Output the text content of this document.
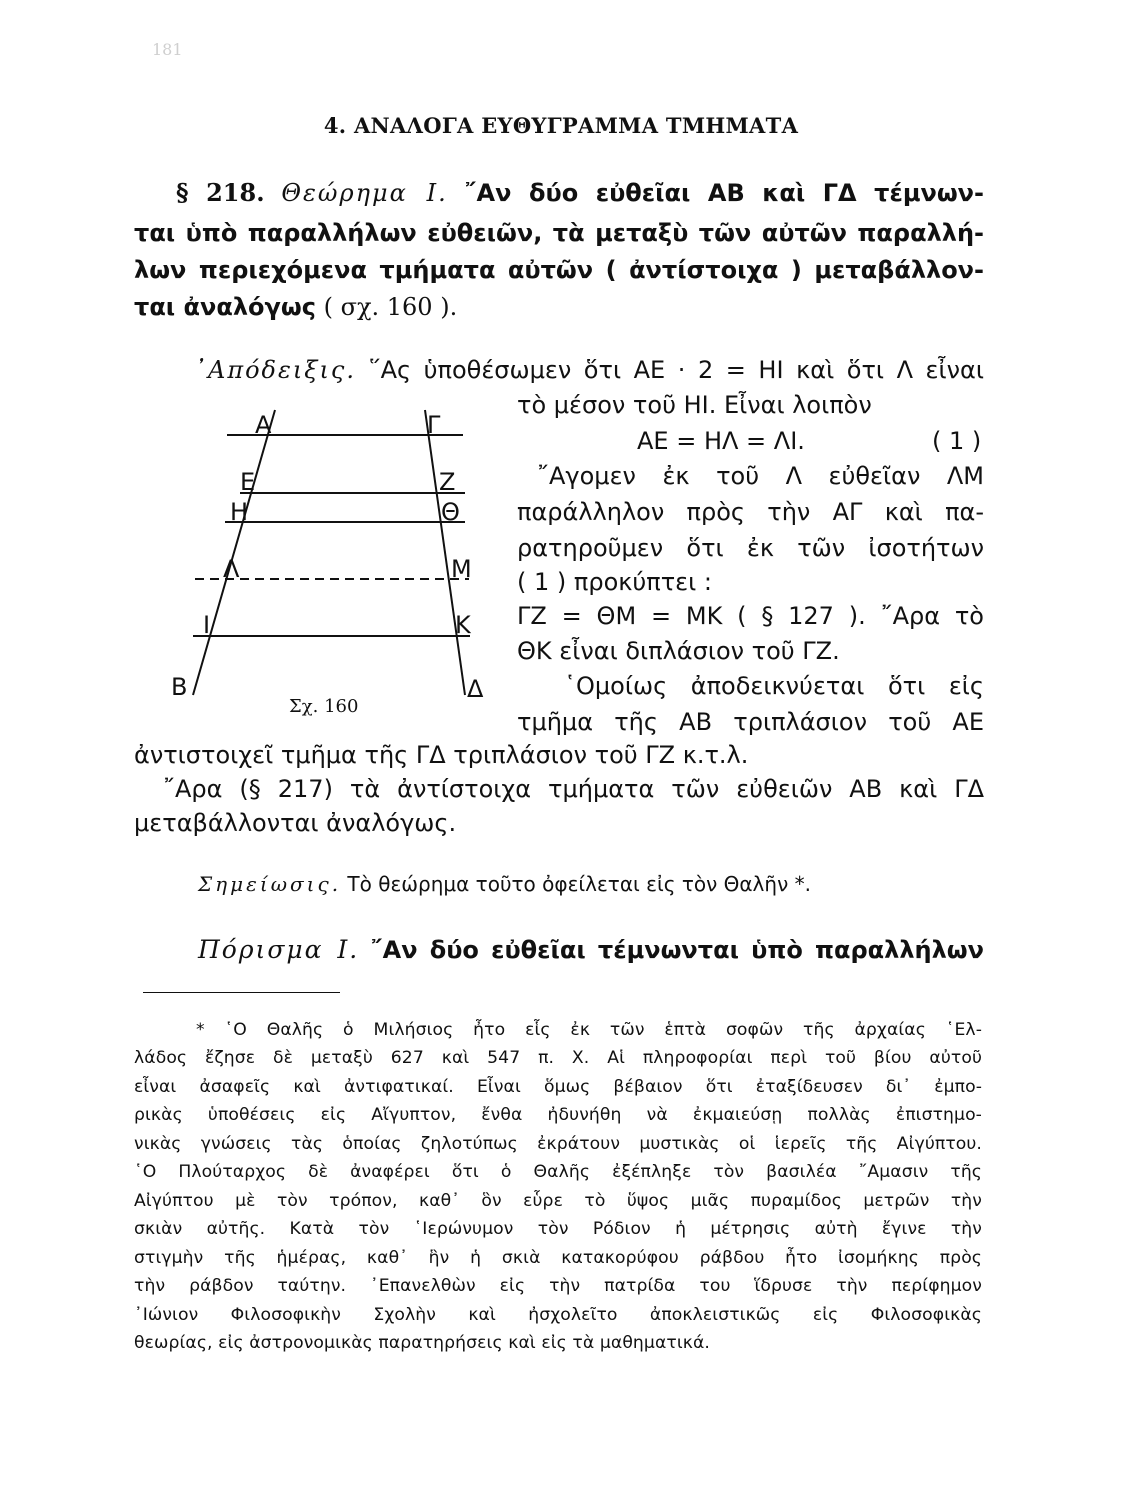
181
4. ΑΝΑΛΟΓΑ ΕΥΘΥΓΡΑΜΜΑ ΤΜΗΜΑΤΑ
§ 218. Θεώρημα Ι. ῎Αν δύο εὐθεῖαι ΑΒ καὶ ΓΔ τέμνων-
ται ὑπὸ παραλλήλων εὐθειῶν, τὰ μεταξὺ τῶν αὐτῶν παραλλή-
λων περιεχόμενα τμήματα αὐτῶν ( ἀντίστοιχα ) μεταβάλλον-
ται ἀναλόγως ( σχ. 160 ).
᾿Απόδειξις. ῞Ας ὑποθέσωμεν ὅτι ΑΕ · 2 = ΗΙ καὶ ὅτι Λ εἶναι
τὸ μέσον τοῦ ΗΙ. Εἶναι λοιπὸν
ΑΕ = ΗΛ = ΛΙ.	( 1 )
῎Αγομεν ἐκ τοῦ Λ εὐθεῖαν ΛΜ
παράλληλον πρὸς τὴν ΑΓ καὶ πα-
ρατηροῦμεν ὅτι ἐκ τῶν ἰσοτήτων
( 1 ) προκύπτει :
ΓΖ = ΘΜ = ΜΚ ( § 127 ). ῎Αρα τὸ
ΘΚ εἶναι διπλάσιον τοῦ ΓΖ.
῾Ομοίως ἀποδεικνύεται ὅτι εἰς
τμῆμα τῆς ΑΒ τριπλάσιον τοῦ ΑΕ
ἀντιστοιχεῖ τμῆμα τῆς ΓΔ τριπλάσιον τοῦ ΓΖ κ.τ.λ.
῎Αρα (§ 217) τὰ ἀντίστοιχα τμήματα τῶν εὐθειῶν ΑΒ καὶ ΓΔ
μεταβάλλονται ἀναλόγως.
Α	Γ
Ε	Ζ
Η	Θ
Λ	Μ
Ι	Κ
Β	Δ
Σχ. 160
Σημείωσις. Τὸ θεώρημα τοῦτο ὀφείλεται εἰς τὸν Θαλῆν *.
Πόρισμα Ι. ῎Αν δύο εὐθεῖαι τέμνωνται ὑπὸ παραλλήλων
* ῾Ο Θαλῆς ὁ Μιλήσιος ἦτο εἷς ἐκ τῶν ἑπτὰ σοφῶν τῆς ἀρχαίας ῾Ελ-
λάδος ἔζησε δὲ μεταξὺ 627 καὶ 547 π. Χ. Αἱ πληροφορίαι περὶ τοῦ βίου αὐτοῦ
εἶναι ἀσαφεῖς καὶ ἀντιφατικαί. Εἶναι ὅμως βέβαιον ὅτι ἐταξίδευσεν δι᾿ ἐμπο-
ρικὰς ὑποθέσεις εἰς Αἴγυπτον, ἔνθα ἠδυνήθη νὰ ἐκμαιεύσῃ πολλὰς ἐπιστημο-
νικὰς γνώσεις τὰς ὁποίας ζηλοτύπως ἐκράτουν μυστικὰς οἱ ἱερεῖς τῆς Αἰγύπτου.
῾Ο Πλούταρχος δὲ ἀναφέρει ὅτι ὁ Θαλῆς ἐξέπληξε τὸν βασιλέα ῎Αμασιν τῆς
Αἰγύπτου μὲ τὸν τρόπον, καθ᾿ ὃν εὗρε τὸ ὕψος μιᾶς πυραμίδος μετρῶν τὴν
σκιὰν αὐτῆς. Κατὰ τὸν ῾Ιερώνυμον τὸν Ρόδιον ἡ μέτρησις αὐτὴ ἔγινε τὴν
στιγμὴν τῆς ἡμέρας, καθ᾿ ἣν ἡ σκιὰ κατακορύφου ράβδου ἦτο ἰσομήκης πρὸς
τὴν ράβδον ταύτην. ᾿Επανελθὼν εἰς τὴν πατρίδα του ἵδρυσε τὴν περίφημον
᾿Ιώνιον Φιλοσοφικὴν Σχολὴν καὶ ἠσχολεῖτο ἀποκλειστικῶς εἰς Φιλοσοφικὰς
θεωρίας, εἰς ἀστρονομικὰς παρατηρήσεις καὶ εἰς τὰ μαθηματικά.
